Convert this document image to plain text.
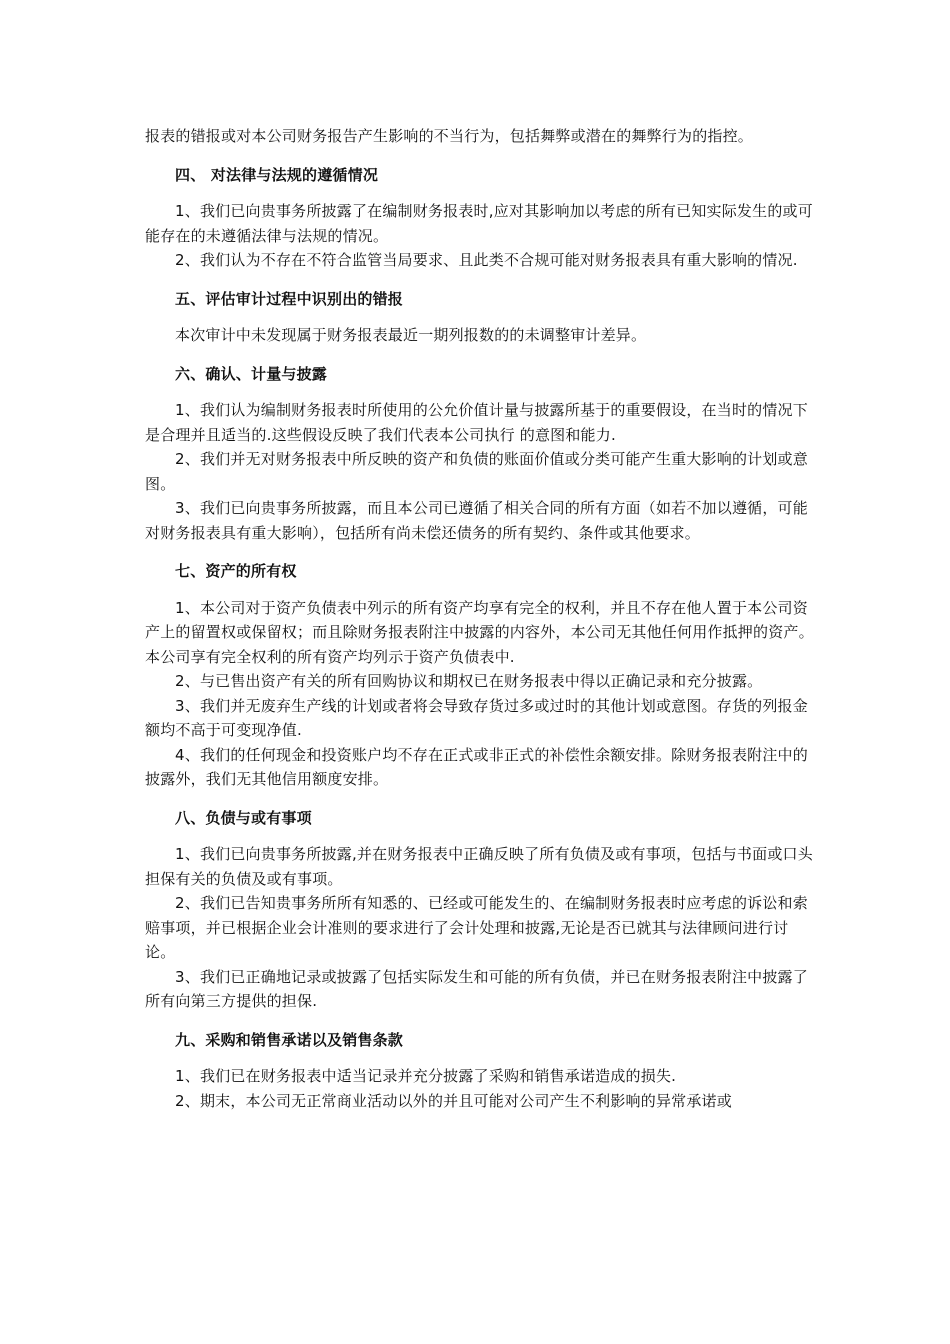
报表的错报或对本公司财务报告产生影响的不当行为，包括舞弊或潜在的舞弊行为的指控。

四、 对法律与法规的遵循情况

1、我们已向贵事务所披露了在编制财务报表时,应对其影响加以考虑的所有已知实际发生的或可能存在的未遵循法律与法规的情况。

2、我们认为不存在不符合监管当局要求、且此类不合规可能对财务报表具有重大影响的情况.

五、评估审计过程中识别出的错报

本次审计中未发现属于财务报表最近一期列报数的的未调整审计差异。

六、确认、计量与披露

1、我们认为编制财务报表时所使用的公允价值计量与披露所基于的重要假设，在当时的情况下是合理并且适当的.这些假设反映了我们代表本公司执行 的意图和能力.

2、我们并无对财务报表中所反映的资产和负债的账面价值或分类可能产生重大影响的计划或意图。

3、我们已向贵事务所披露，而且本公司已遵循了相关合同的所有方面（如若不加以遵循，可能对财务报表具有重大影响），包括所有尚未偿还债务的所有契约、条件或其他要求。

七、资产的所有权

1、本公司对于资产负债表中列示的所有资产均享有完全的权利，并且不存在他人置于本公司资产上的留置权或保留权；而且除财务报表附注中披露的内容外，本公司无其他任何用作抵押的资产。本公司享有完全权利的所有资产均列示于资产负债表中.

2、与已售出资产有关的所有回购协议和期权已在财务报表中得以正确记录和充分披露。

3、我们并无废弃生产线的计划或者将会导致存货过多或过时的其他计划或意图。存货的列报金额均不高于可变现净值.

4、我们的任何现金和投资账户均不存在正式或非正式的补偿性余额安排。除财务报表附注中的披露外，我们无其他信用额度安排。

八、负债与或有事项

1、我们已向贵事务所披露,并在财务报表中正确反映了所有负债及或有事项，包括与书面或口头担保有关的负债及或有事项。

2、我们已告知贵事务所所有知悉的、已经或可能发生的、在编制财务报表时应考虑的诉讼和索赔事项，并已根据企业会计准则的要求进行了会计处理和披露,无论是否已就其与法律顾问进行讨论。

3、我们已正确地记录或披露了包括实际发生和可能的所有负债，并已在财务报表附注中披露了所有向第三方提供的担保.

九、采购和销售承诺以及销售条款

1、我们已在财务报表中适当记录并充分披露了采购和销售承诺造成的损失.

2、期末，本公司无正常商业活动以外的并且可能对公司产生不利影响的异常承诺或
